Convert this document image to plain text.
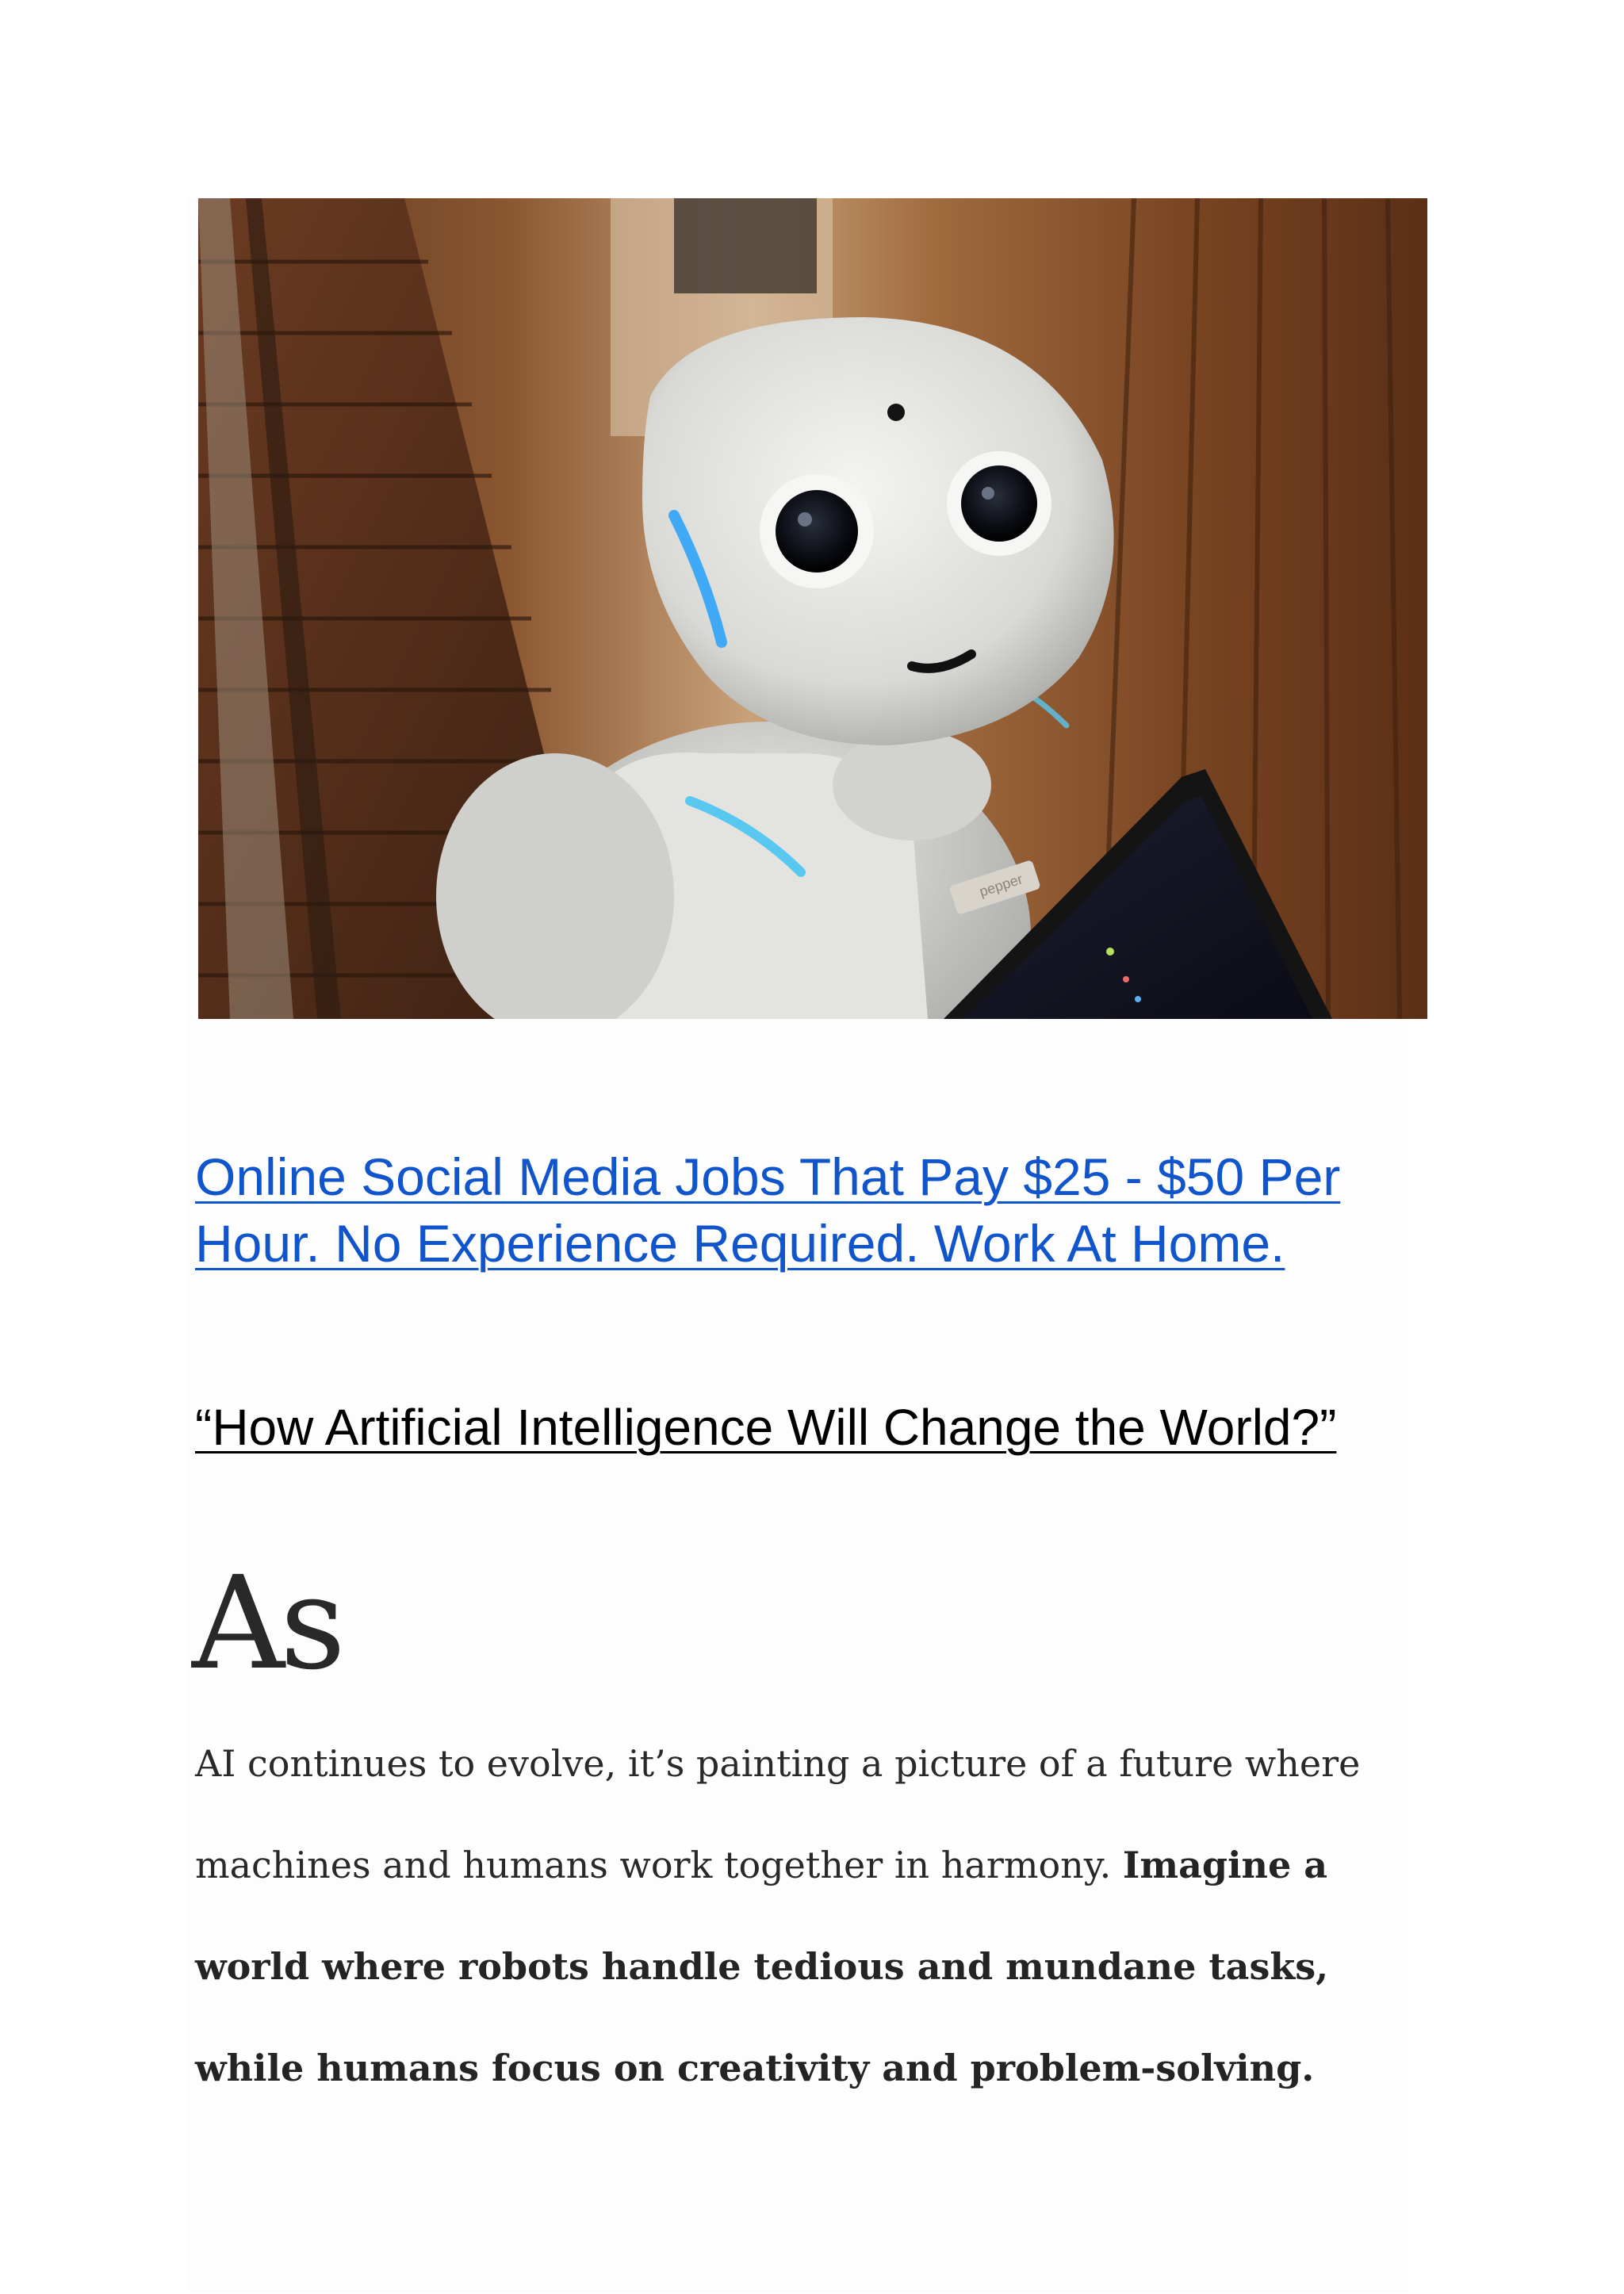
pepper

Online Social Media Jobs That Pay $25 - $50 Per Hour. No Experience Required. Work At Home.

“How Artificial Intelligence Will Change the World?”

As

AI continues to evolve, it’s painting a picture of a future where machines and humans work together in harmony. Imagine a world where robots handle tedious and mundane tasks, while humans focus on creativity and problem-solving.
